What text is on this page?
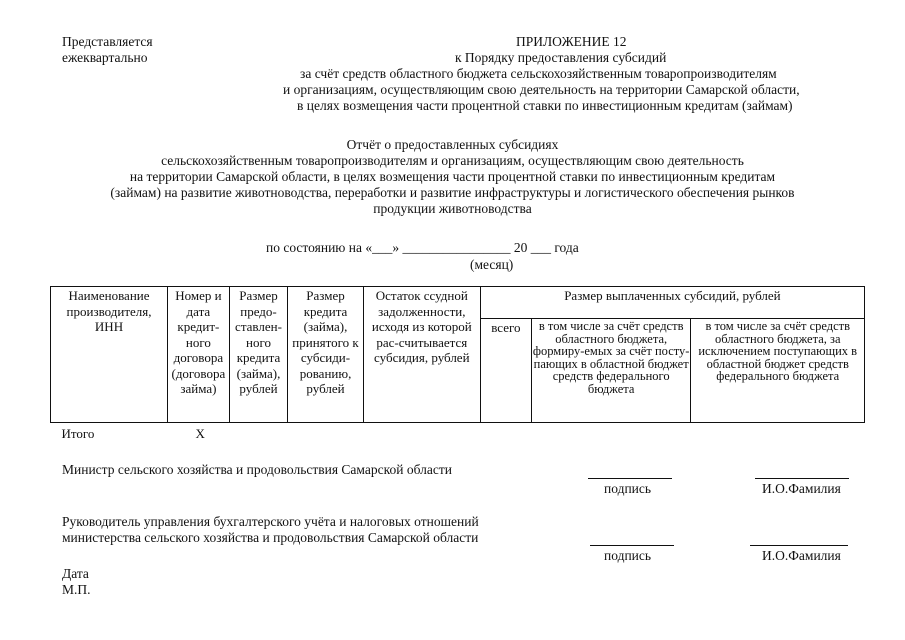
Представляется
ежеквартально
ПРИЛОЖЕНИЕ 12
к Порядку предоставления субсидий
за счёт средств областного бюджета сельскохозяйственным товаропроизводителям
и организациям, осуществляющим свою деятельность на территории Самарской области,
в целях возмещения части процентной ставки по инвестиционным кредитам (займам)
Отчёт о предоставленных субсидиях
сельскохозяйственным товаропроизводителям и организациям, осуществляющим свою деятельность
на территории Самарской области, в целях возмещения части процентной ставки по инвестиционным кредитам
(займам) на развитие животноводства, переработки и развитие инфраструктуры и логистического обеспечения рынков
продукции животноводства
по состоянию на «___» ________________ 20 ___ года
(месяц)
Наименование производителя, ИНН	Номер и дата кредит-ного договора (договора займа)	Размер предо-ставлен-ного кредита (займа), рублей	Размер кредита (займа), принятого к субсиди-рованию, рублей	Остаток ссудной задолженности, исходя из которой рас-считывается субсидия, рублей	Размер выплаченных субсидий, рублей		
					всего	в том числе за счёт средств областного бюджета, формиру-емых за счёт посту-пающих в областной бюджет средств федерального бюджета	в том числе за счёт средств областного бюджета, за исключением поступающих в областной бюджет средств федерального бюджета
Итого	Х						
Министр сельского хозяйства и продовольствия Самарской области
подпись	И.О.Фамилия
Руководитель управления бухгалтерского учёта и налоговых отношений
министерства сельского хозяйства и продовольствия Самарской области
подпись	И.О.Фамилия
Дата
М.П.
